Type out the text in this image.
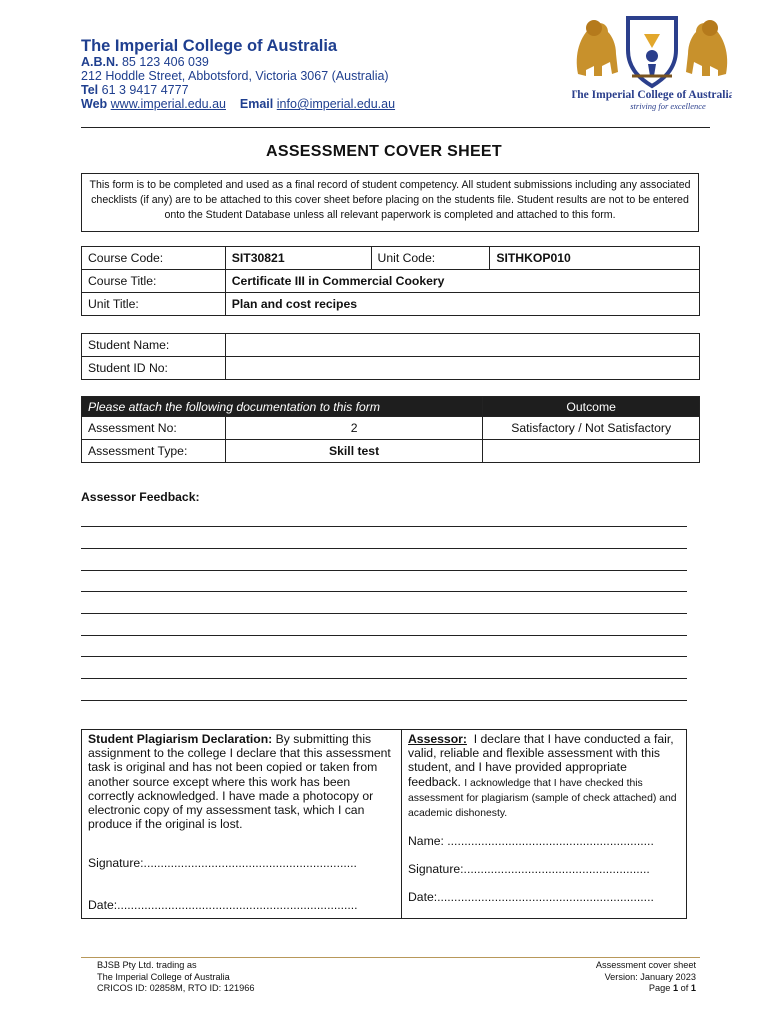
The Imperial College of Australia
A.B.N. 85 123 406 039
212 Hoddle Street, Abbotsford, Victoria 3067 (Australia)
Tel 61 3 9417 4777
Web www.imperial.edu.au Email info@imperial.edu.au
The Imperial College of Australia
striving for excellence
ASSESSMENT COVER SHEET
This form is to be completed and used as a final record of student competency. All student submissions including any associated checklists (if any) are to be attached to this cover sheet before placing on the students file. Student results are not to be entered onto the Student Database unless all relevant paperwork is completed and attached to this form.
Course Code:	SIT30821	Unit Code:	SITHKOP010
Course Title:	Certificate III in Commercial Cookery		
Unit Title:	Plan and cost recipes		
Student Name:	
Student ID No:	
Please attach the following documentation to this form		Outcome
Assessment No:	2	Satisfactory / Not Satisfactory
Assessment Type:	Skill test	
Assessor Feedback:
Student Plagiarism Declaration: By submitting this assignment to the college I declare that this assessment task is original and has not been copied or taken from another source except where this work has been correctly acknowledged. I have made a photocopy or electronic copy of my assessment task, which I can produce if the original is lost.
Signature:...............................................................
Date:.......................................................................
Assessor: I declare that I have conducted a fair, valid, reliable and flexible assessment with this student, and I have provided appropriate feedback. I acknowledge that I have checked this assessment for plagiarism (sample of check attached) and academic dishonesty.
Name: .............................................................
Signature:.......................................................
Date:................................................................
BJSB Pty Ltd. trading as
The Imperial College of Australia
CRICOS ID: 02858M, RTO ID: 121966
Assessment cover sheet
Version: January 2023
Page 1 of 1
